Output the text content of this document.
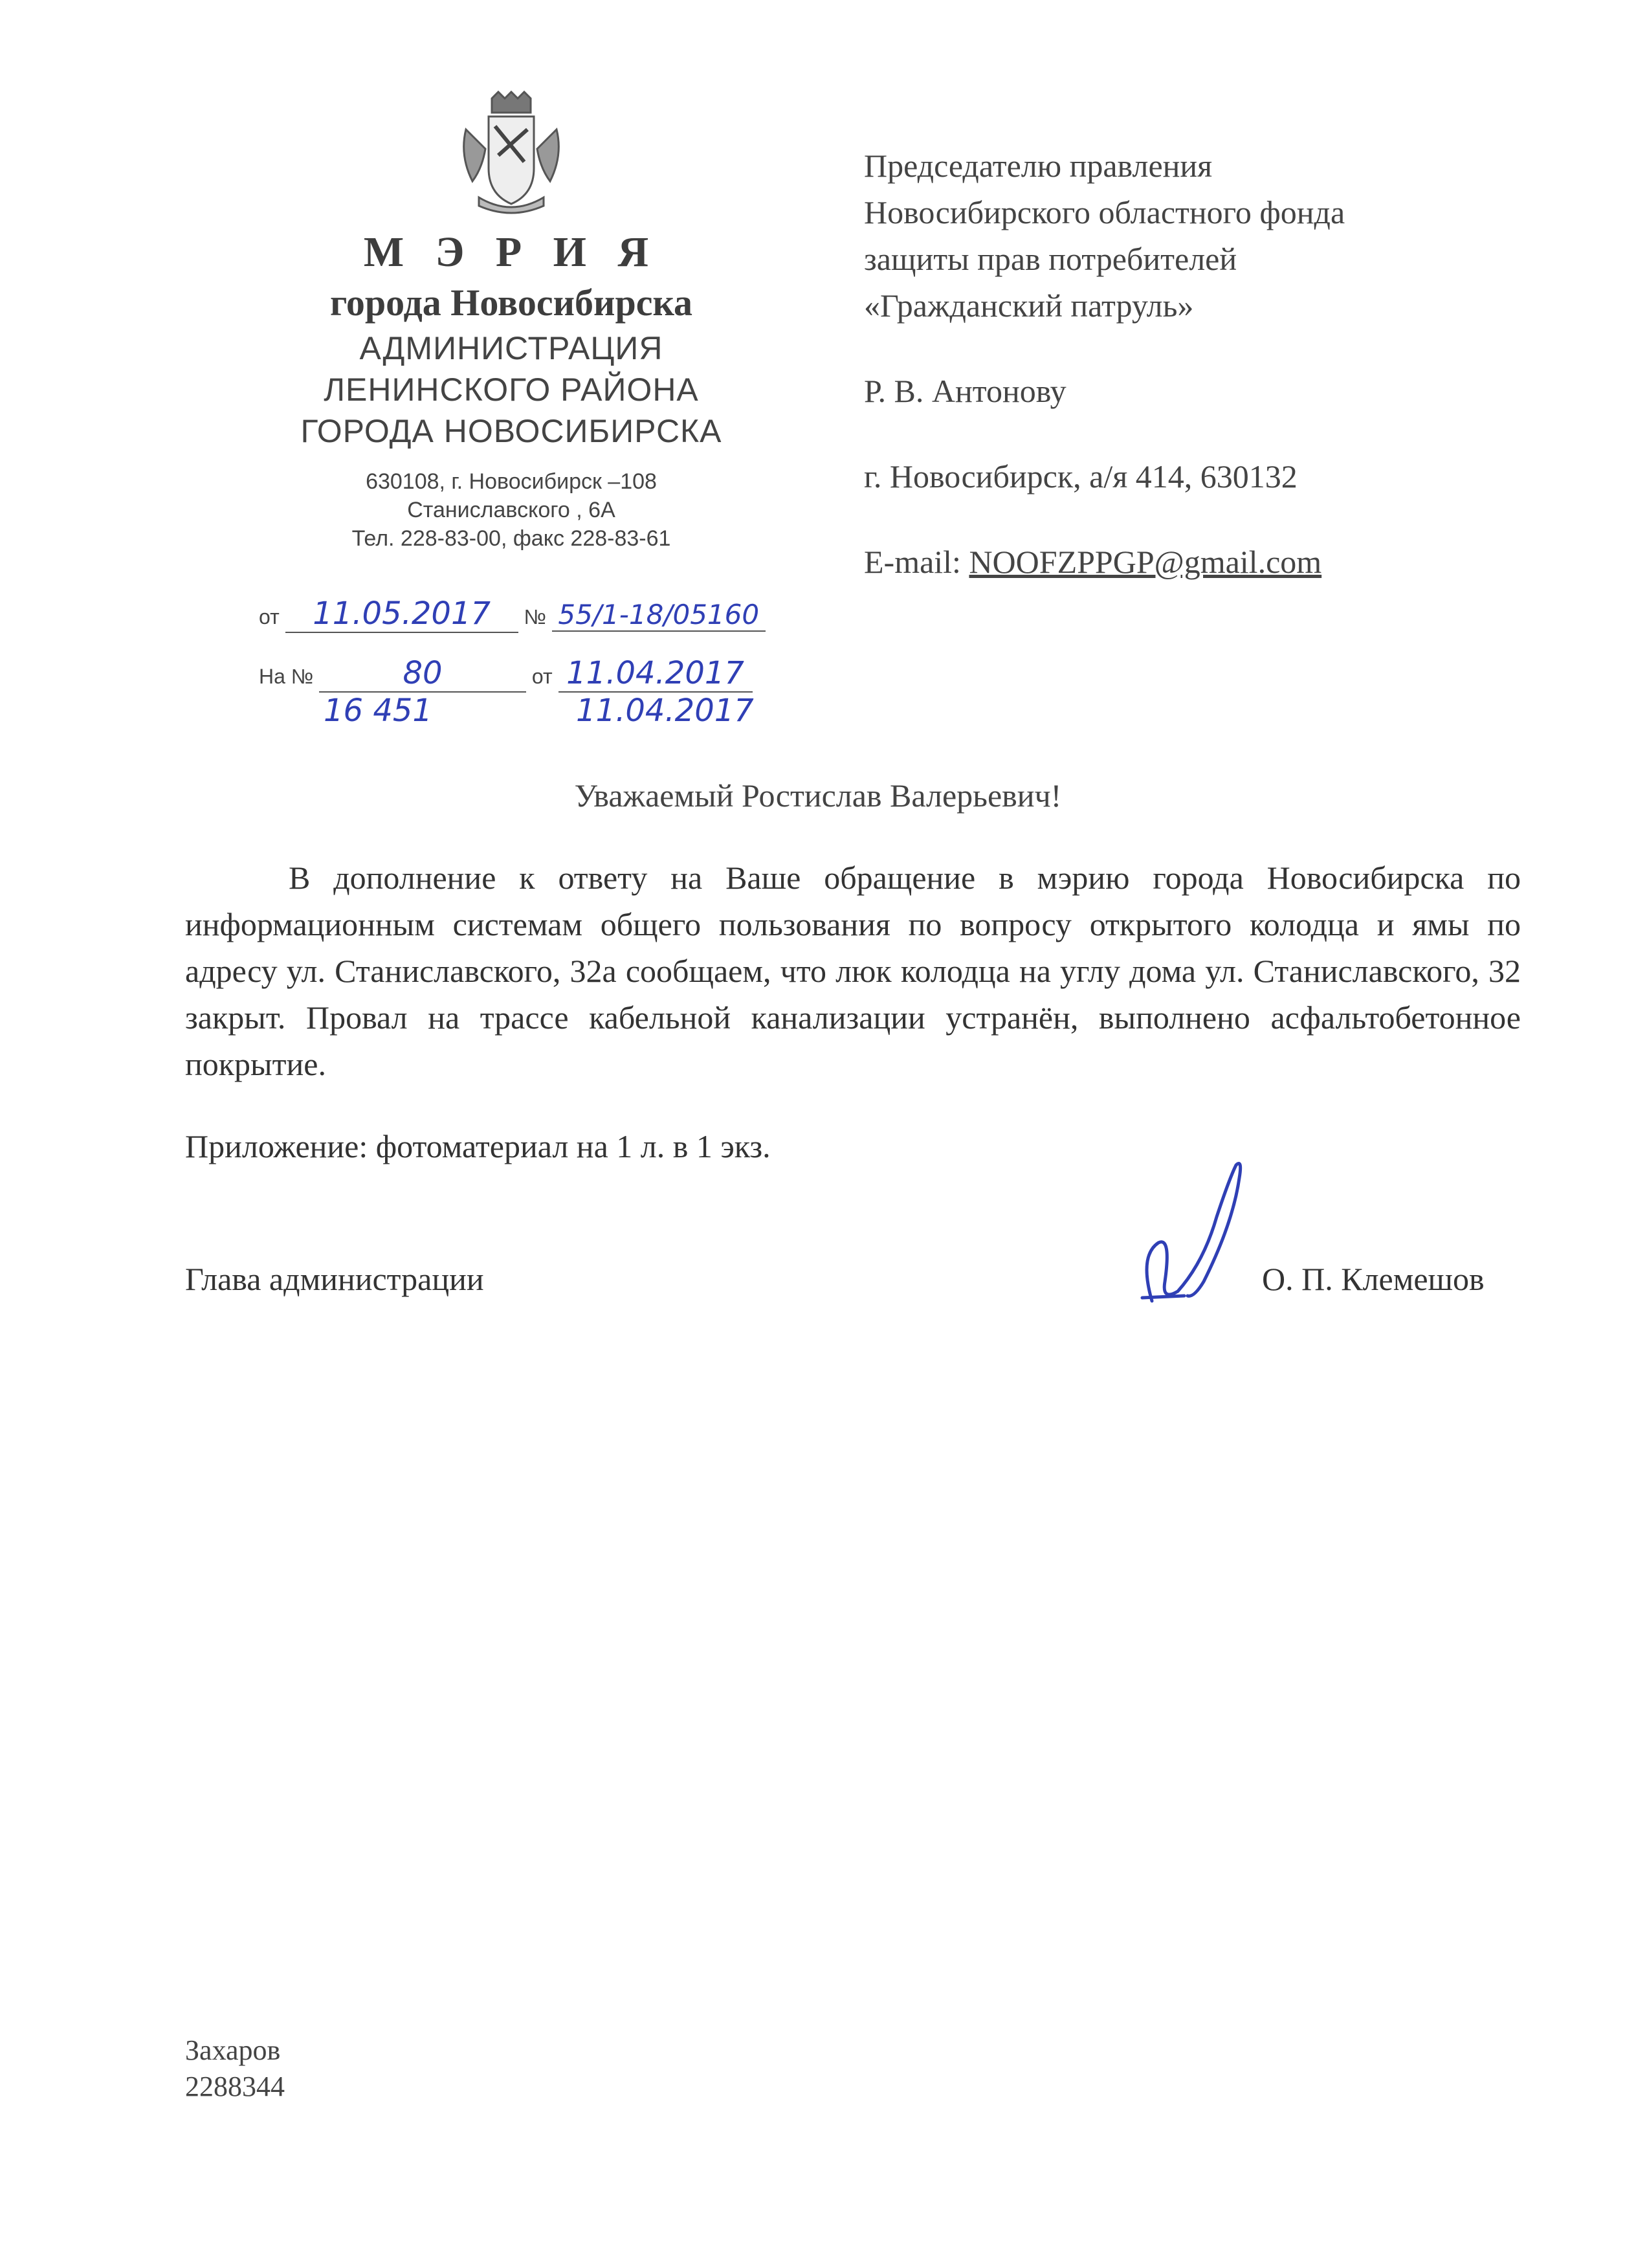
М Э Р И Я
города Новосибирска
АДМИНИСТРАЦИЯ
ЛЕНИНСКОГО РАЙОНА
ГОРОДА НОВОСИБИРСКА
630108, г. Новосибирск –108
Станиславского , 6А
Тел. 228-83-00, факс 228-83-61
от 11.05.2017 № 55/1-18/05160
На №	80	от 11.04.2017
16 451	11.04.2017
Председателю правления
Новосибирского областного фонда
защиты прав потребителей
«Гражданский патруль»
Р. В. Антонову
г. Новосибирск, а/я 414, 630132
E-mail: NOOFZPPGP@gmail.com
Уважаемый Ростислав Валерьевич!
В дополнение к ответу на Ваше обращение в мэрию города Новосибирска по информационным системам общего пользования по вопросу открытого колодца и ямы по адресу ул. Станиславского, 32а сообщаем, что люк колодца на углу дома ул. Станиславского, 32 закрыт. Провал на трассе кабельной канализации устранён, выполнено асфальтобетонное покрытие.
Приложение: фотоматериал на 1 л. в 1 экз.
Глава администрации	О. П. Клемешов
Захаров
2288344
